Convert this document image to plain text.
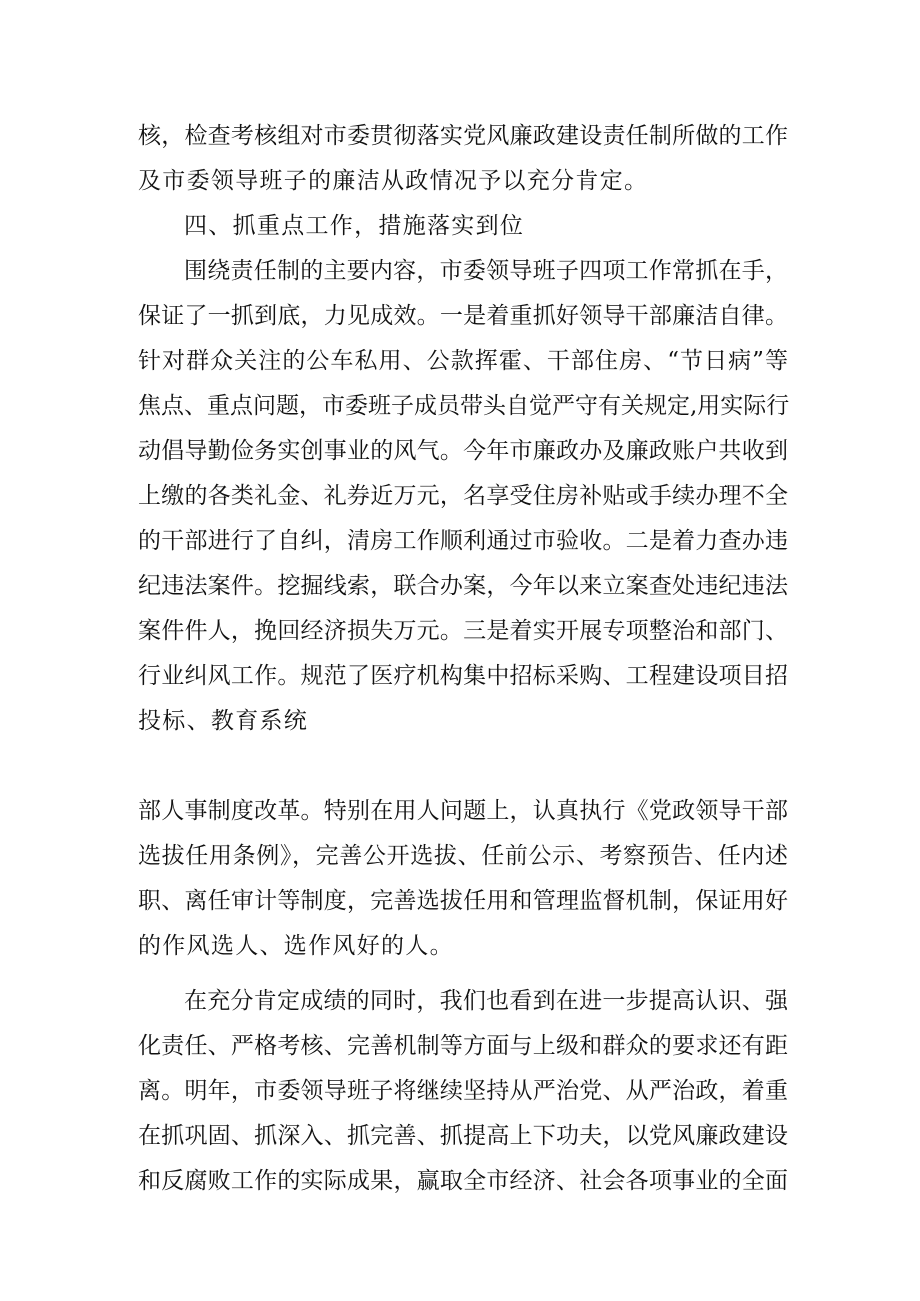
核，检查考核组对市委贯彻落实党风廉政建设责任制所做的工作
及市委领导班子的廉洁从政情况予以充分肯定。
四、抓重点工作，措施落实到位
围绕责任制的主要内容，市委领导班子四项工作常抓在手，
保证了一抓到底，力见成效。一是着重抓好领导干部廉洁自律。
针对群众关注的公车私用、公款挥霍、干部住房、“节日病”等
焦点、重点问题，市委班子成员带头自觉严守有关规定,用实际行
动倡导勤俭务实创事业的风气。今年市廉政办及廉政账户共收到
上缴的各类礼金、礼券近万元，名享受住房补贴或手续办理不全
的干部进行了自纠，清房工作顺利通过市验收。二是着力查办违
纪违法案件。挖掘线索，联合办案，今年以来立案查处违纪违法
案件件人，挽回经济损失万元。三是着实开展专项整治和部门、
行业纠风工作。规范了医疗机构集中招标采购、工程建设项目招
投标、教育系统
部人事制度改革。特别在用人问题上，认真执行《党政领导干部
选拔任用条例》，完善公开选拔、任前公示、考察预告、任内述
职、离任审计等制度，完善选拔任用和管理监督机制，保证用好
的作风选人、选作风好的人。
在充分肯定成绩的同时，我们也看到在进一步提高认识、强
化责任、严格考核、完善机制等方面与上级和群众的要求还有距
离。明年，市委领导班子将继续坚持从严治党、从严治政，着重
在抓巩固、抓深入、抓完善、抓提高上下功夫，以党风廉政建设
和反腐败工作的实际成果，赢取全市经济、社会各项事业的全面
